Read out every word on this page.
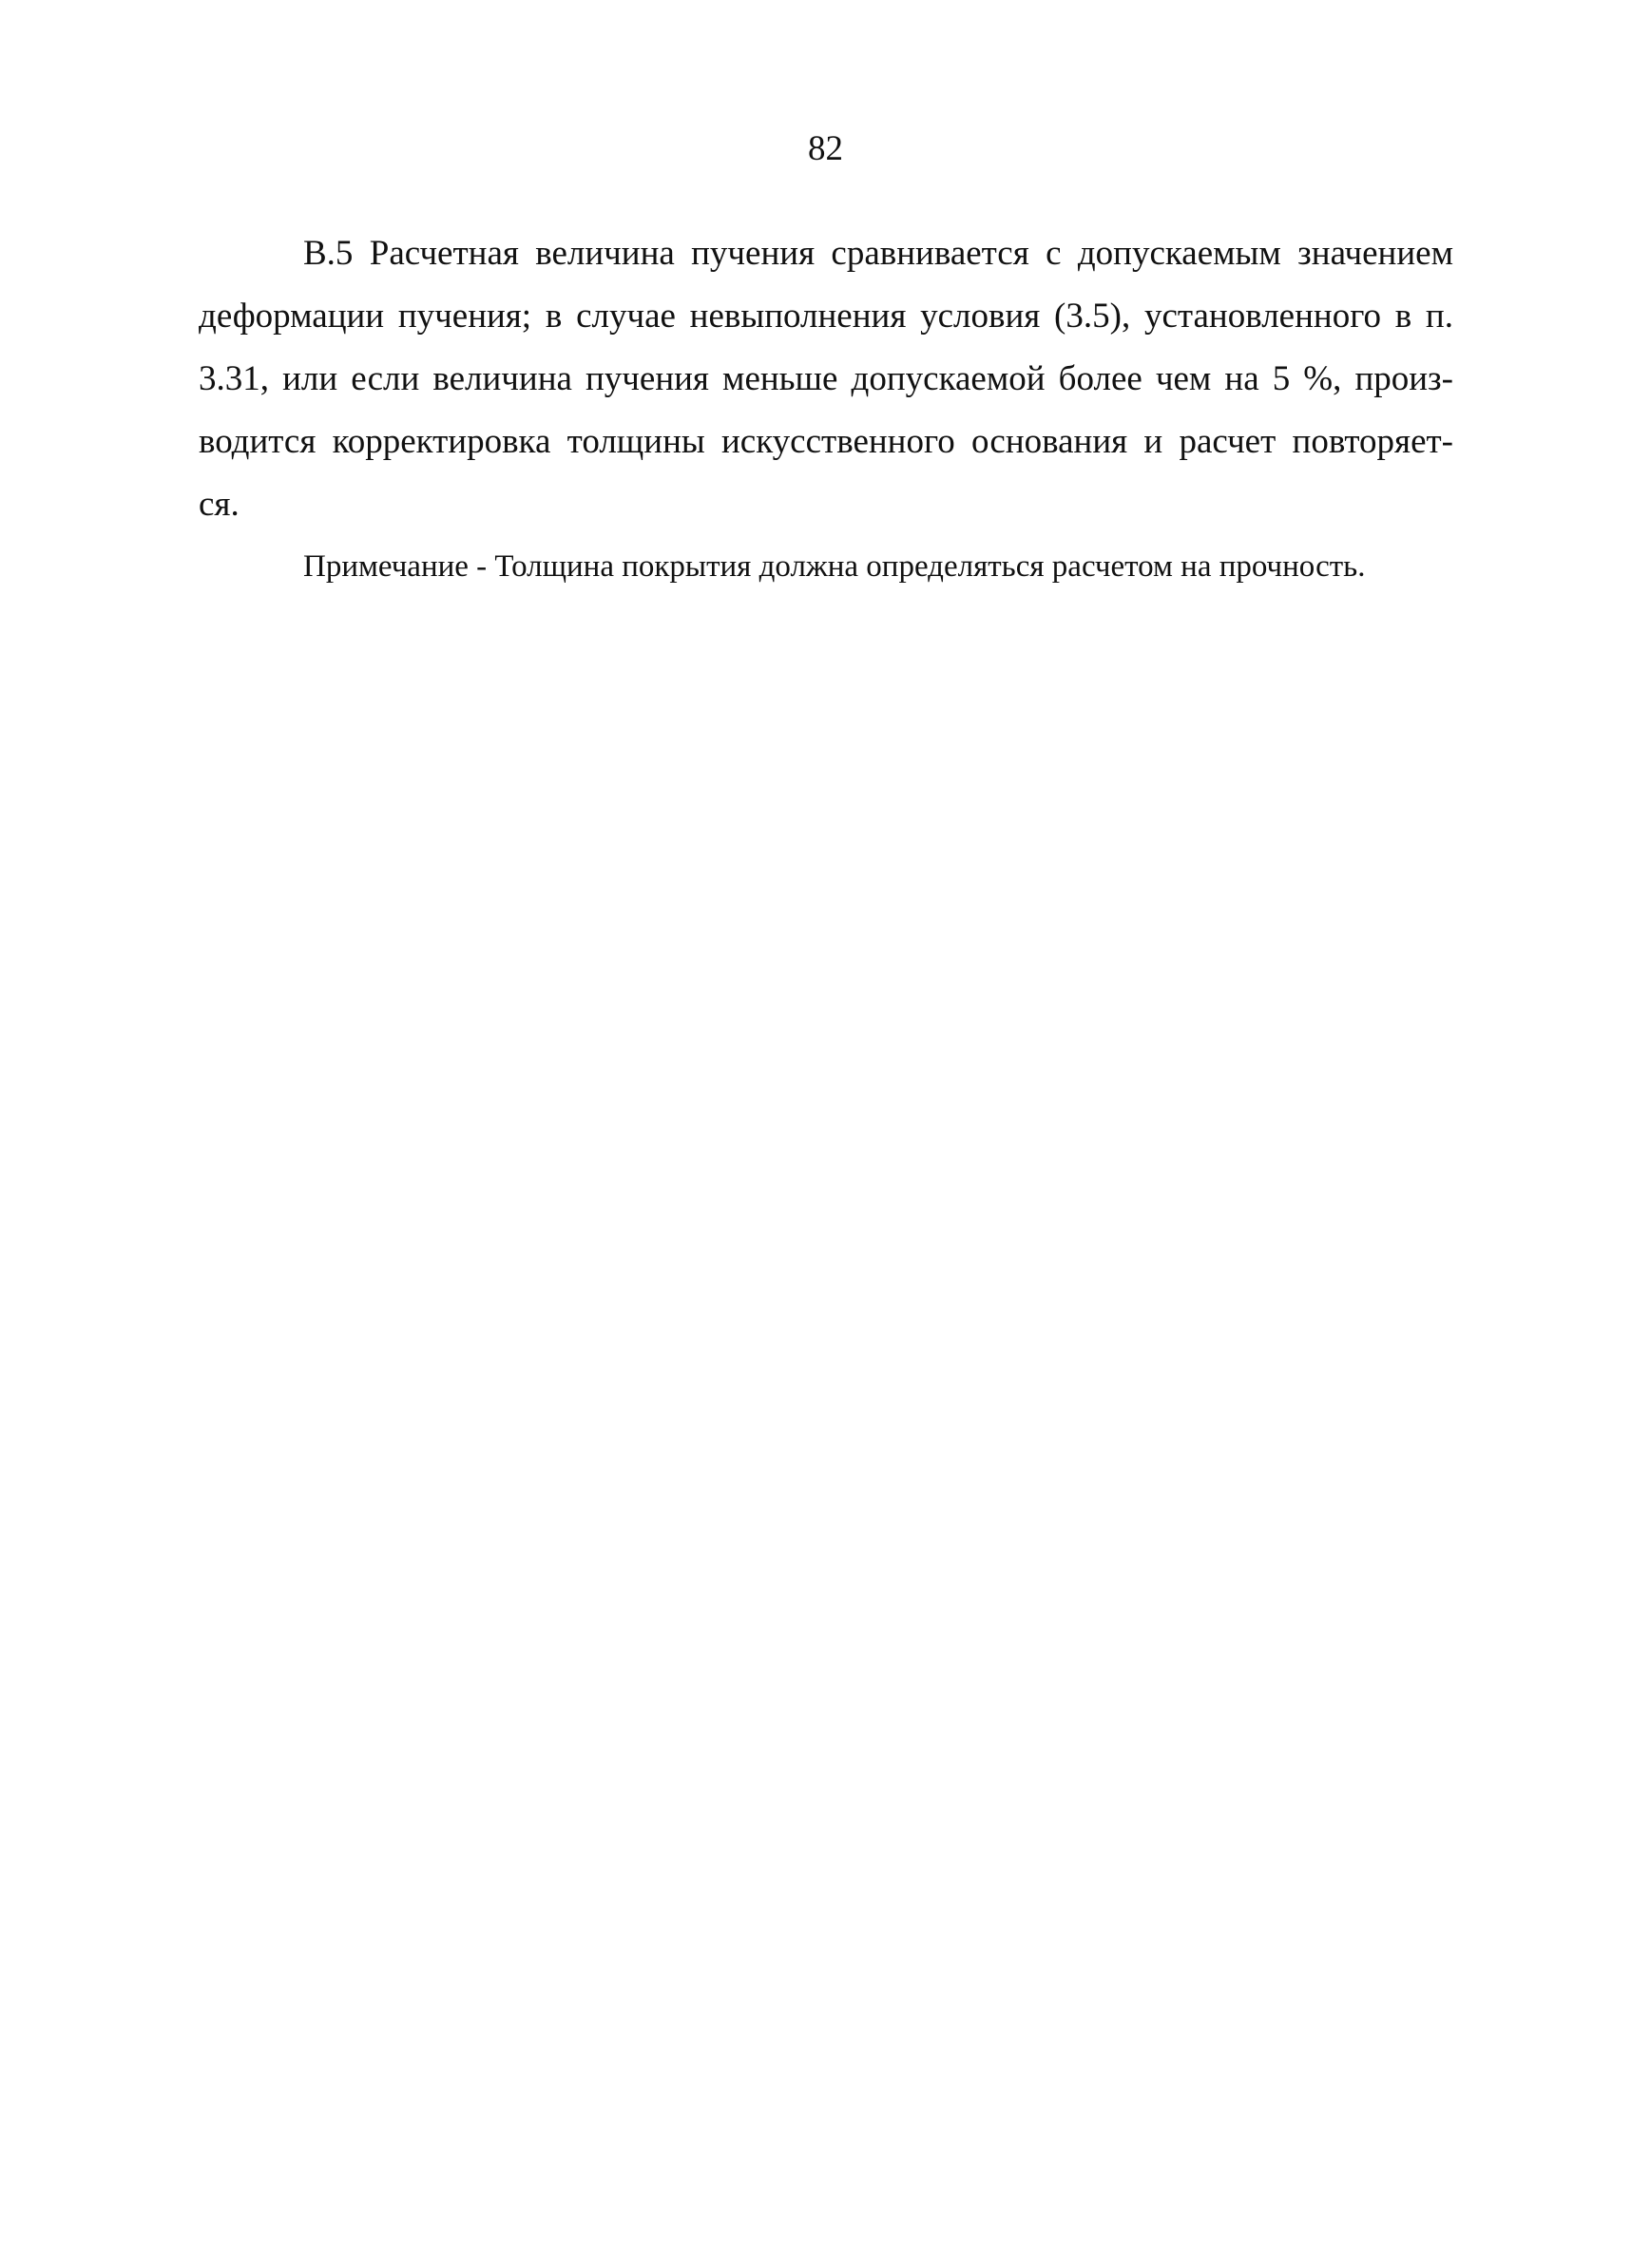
82
В.5 Расчетная величина пучения сравнивается с допускаемым значением
деформации пучения; в случае невыполнения условия (3.5), установленного в п.
3.31, или если величина пучения меньше допускаемой более чем на 5 %, произ-
водится корректировка толщины искусственного основания и расчет повторяет-
ся.
Примечание - Толщина покрытия должна определяться расчетом на прочность.
